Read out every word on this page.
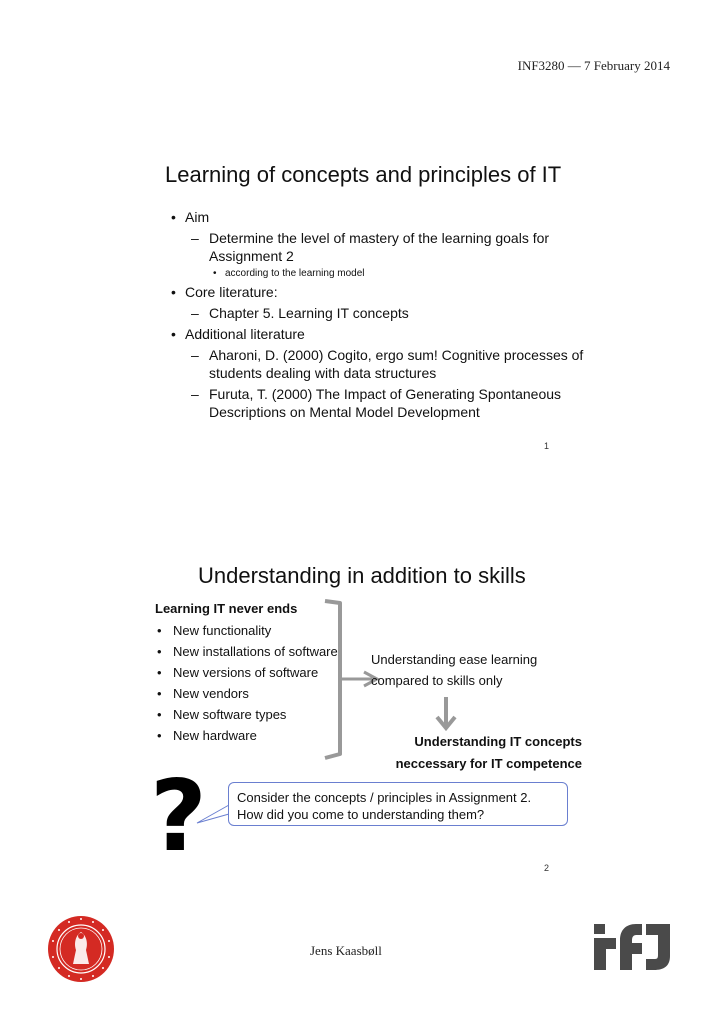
INF3280 — 7 February 2014
Learning of concepts and principles of IT
• Aim
– Determine the level of mastery of the learning goals for Assignment 2
• according to the learning model
• Core literature:
– Chapter 5. Learning IT concepts
• Additional literature
– Aharoni, D. (2000) Cogito, ergo sum! Cognitive processes of students dealing with data structures
– Furuta, T. (2000) The Impact of Generating Spontaneous Descriptions on Mental Model Development
1
Understanding in addition to skills
Learning IT never ends
• New functionality
• New installations of software
• New versions of software
• New vendors
• New software types
• New hardware
Understanding ease learning compared to skills only
Understanding IT concepts neccessary for IT competence
?	Consider the concepts / principles in Assignment 2. How did you come to understanding them?
2
Jens Kaasbøll
